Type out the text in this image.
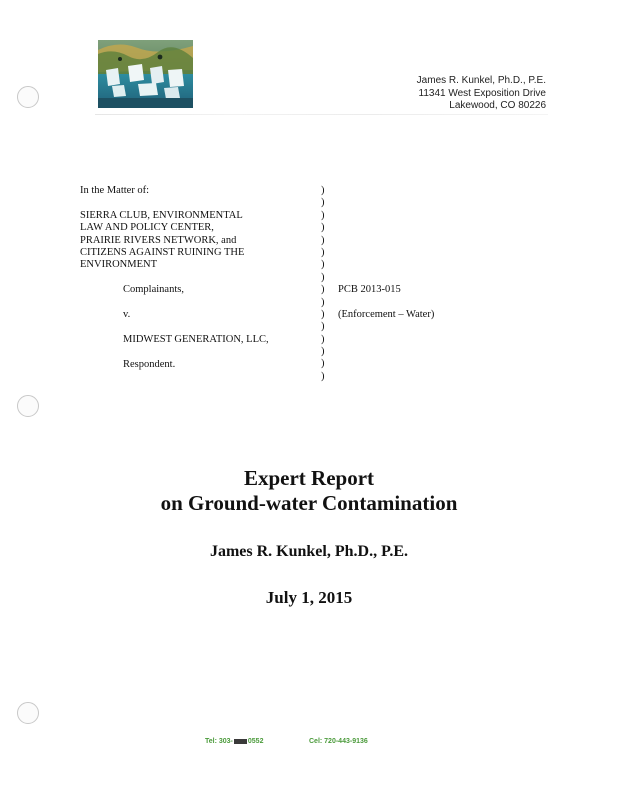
James R. Kunkel, Ph.D., P.E.
11341 West Exposition Drive
Lakewood, CO 80226
In the Matter of:
SIERRA CLUB, ENVIRONMENTAL
LAW AND POLICY CENTER,
PRAIRIE RIVERS NETWORK, and
CITIZENS AGAINST RUINING THE
ENVIRONMENT
Complainants,
v.
MIDWEST GENERATION, LLC,
Respondent.
)
)
)
)
)
)
)
)
)
)
)
)
)
)
)
)
PCB 2013-015
(Enforcement – Water)
Expert Report
on Ground-water Contamination
James R. Kunkel, Ph.D., P.E.
July 1, 2015
Tel: 303- 0552	Cel: 720-443-9136
